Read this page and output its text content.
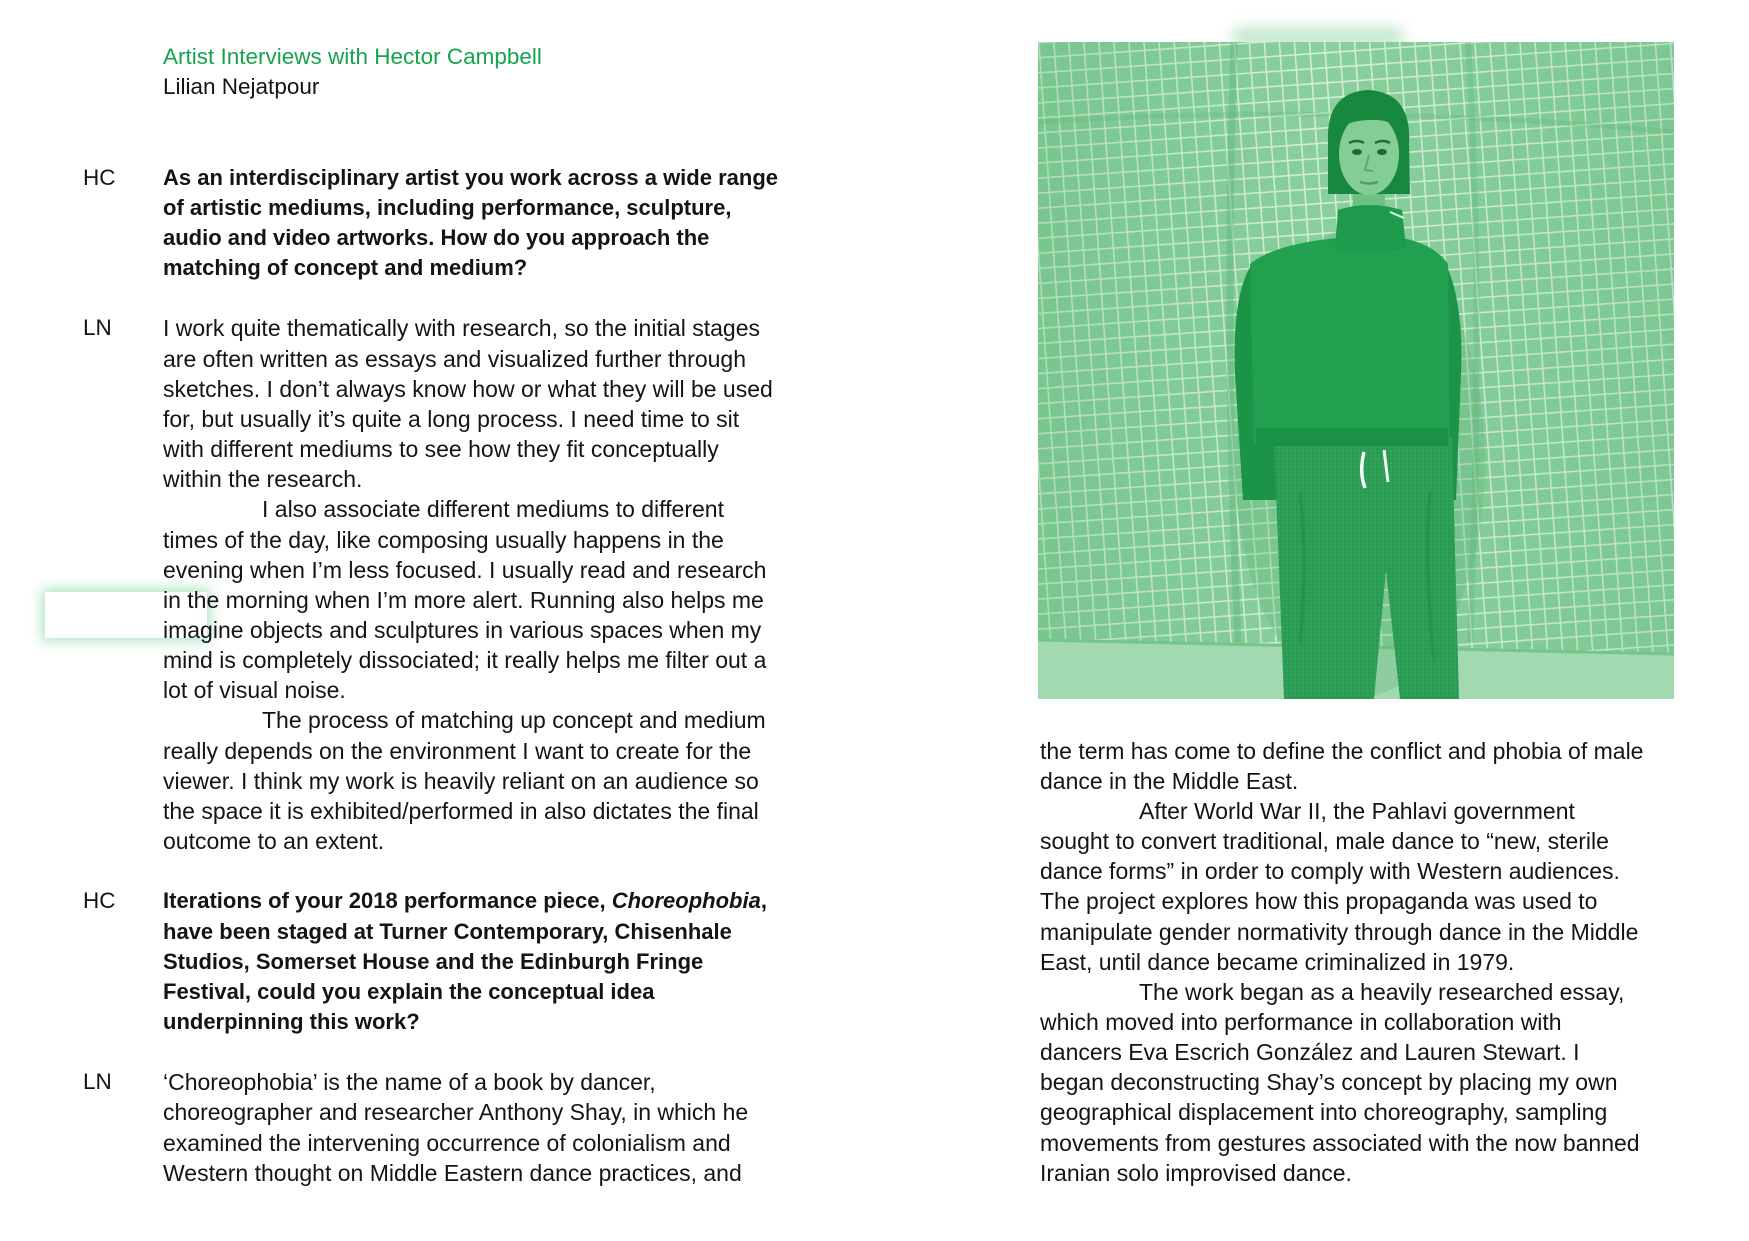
Artist Interviews with Hector Campbell
Lilian Nejatpour
HC As an interdisciplinary artist you work across a wide range
of artistic mediums, including performance, sculpture,
audio and video artworks. How do you approach the
matching of concept and medium?
LN I work quite thematically with research, so the initial stages
are often written as essays and visualized further through
sketches. I don’t always know how or what they will be used
for, but usually it’s quite a long process. I need time to sit
with different mediums to see how they fit conceptually
within the research.
I also associate different mediums to different
times of the day, like composing usually happens in the
evening when I’m less focused. I usually read and research
in the morning when I’m more alert. Running also helps me
imagine objects and sculptures in various spaces when my
mind is completely dissociated; it really helps me filter out a
lot of visual noise.
The process of matching up concept and medium
really depends on the environment I want to create for the
viewer. I think my work is heavily reliant on an audience so
the space it is exhibited/performed in also dictates the final
outcome to an extent.
HC Iterations of your 2018 performance piece, Choreophobia,
have been staged at Turner Contemporary, Chisenhale
Studios, Somerset House and the Edinburgh Fringe
Festival, could you explain the conceptual idea
underpinning this work?
LN ‘Choreophobia’ is the name of a book by dancer,
choreographer and researcher Anthony Shay, in which he
examined the intervening occurrence of colonialism and
Western thought on Middle Eastern dance practices, and
the term has come to define the conflict and phobia of male
dance in the Middle East.
After World War II, the Pahlavi government
sought to convert traditional, male dance to “new, sterile
dance forms” in order to comply with Western audiences.
The project explores how this propaganda was used to
manipulate gender normativity through dance in the Middle
East, until dance became criminalized in 1979.
The work began as a heavily researched essay,
which moved into performance in collaboration with
dancers Eva Escrich González and Lauren Stewart. I
began deconstructing Shay’s concept by placing my own
geographical displacement into choreography, sampling
movements from gestures associated with the now banned
Iranian solo improvised dance.
